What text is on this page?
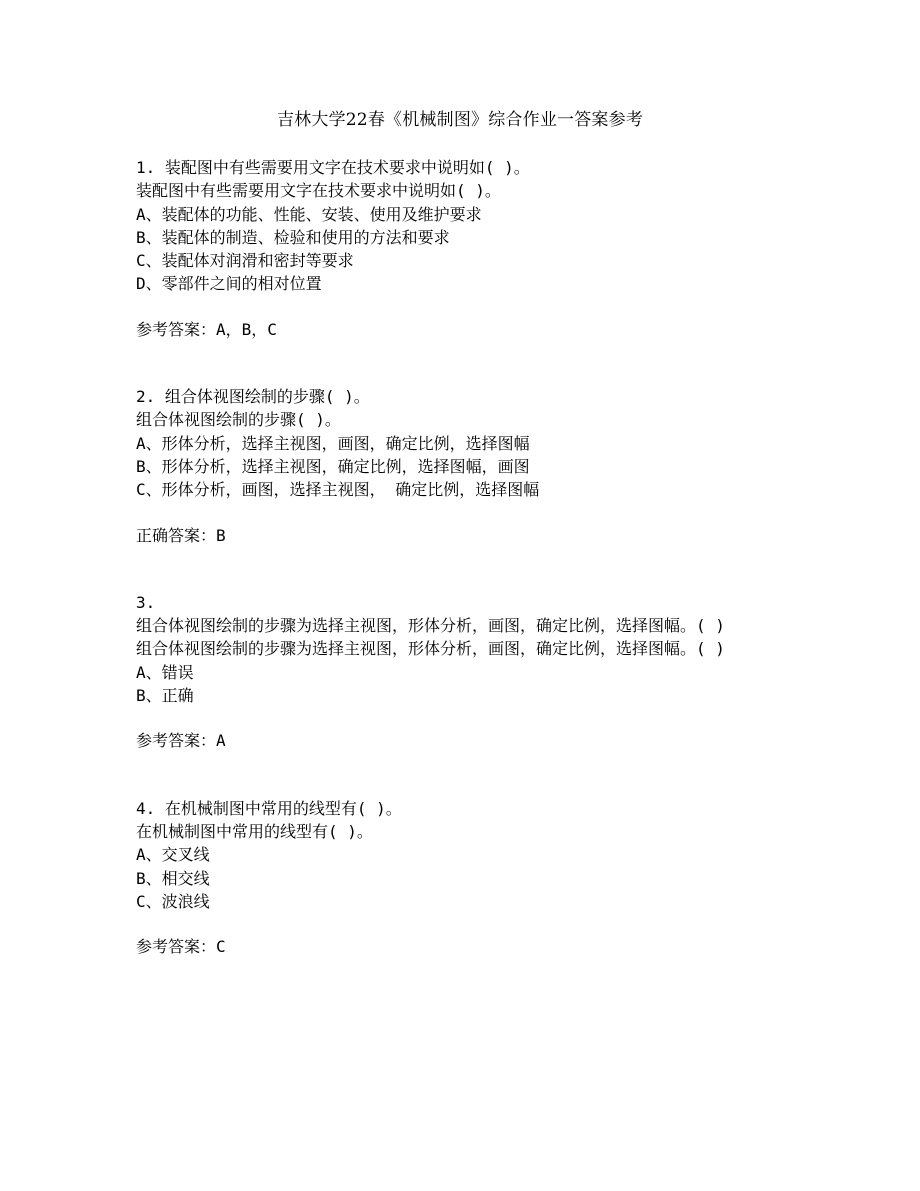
吉林大学22春《机械制图》综合作业一答案参考
1. 装配图中有些需要用文字在技术要求中说明如( )。
装配图中有些需要用文字在技术要求中说明如( )。
A、装配体的功能、性能、安装、使用及维护要求
B、装配体的制造、检验和使用的方法和要求
C、装配体对润滑和密封等要求
D、零部件之间的相对位置
参考答案：A，B，C
2. 组合体视图绘制的步骤( )。
组合体视图绘制的步骤( )。
A、形体分析，选择主视图，画图，确定比例，选择图幅
B、形体分析，选择主视图，确定比例，选择图幅，画图
C、形体分析，画图，选择主视图， 确定比例，选择图幅
正确答案：B
3.
组合体视图绘制的步骤为选择主视图，形体分析，画图，确定比例，选择图幅。( )
组合体视图绘制的步骤为选择主视图，形体分析，画图，确定比例，选择图幅。( )
A、错误
B、正确
参考答案：A
4. 在机械制图中常用的线型有( )。
在机械制图中常用的线型有( )。
A、交叉线
B、相交线
C、波浪线
参考答案：C
